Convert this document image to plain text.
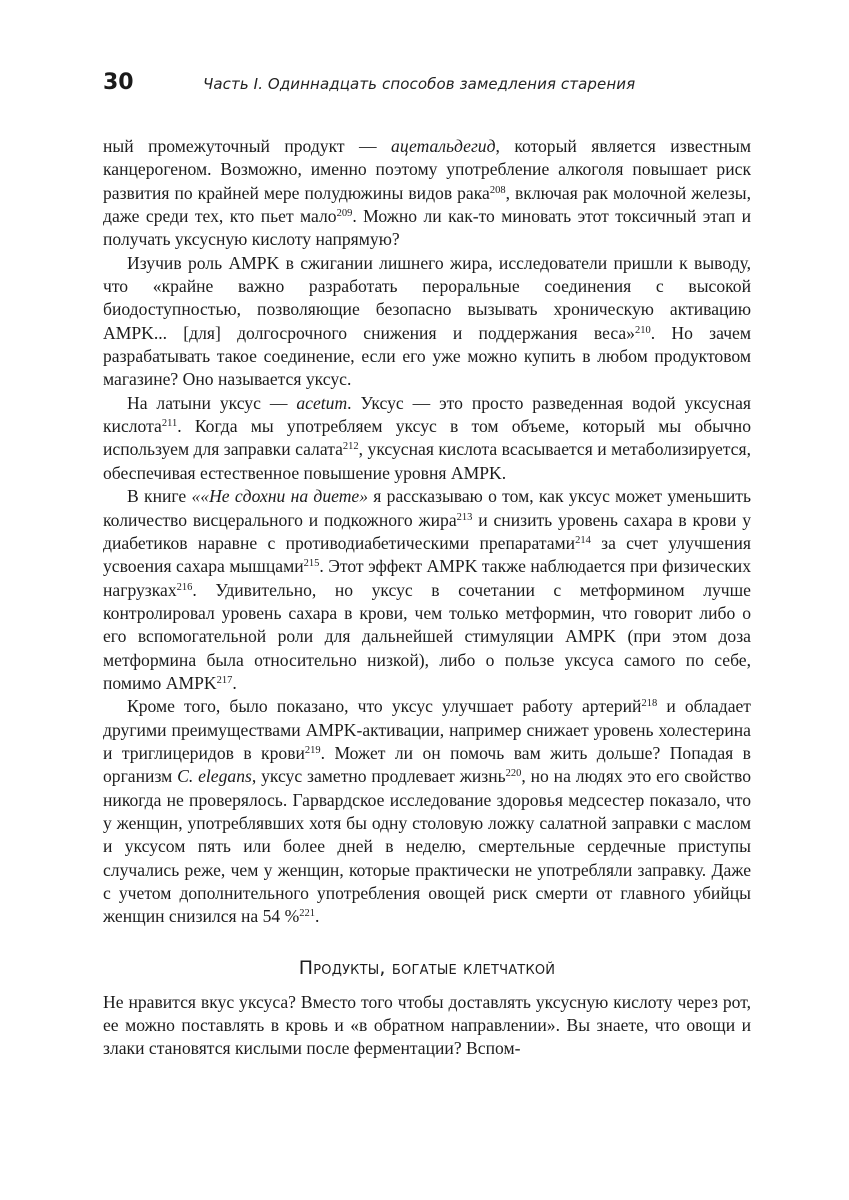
30	Часть I. Одиннадцать способов замедления старения

ный промежуточный продукт — ацетальдегид, который является известным канцерогеном. Возможно, именно поэтому употребление алкоголя повышает риск развития по крайней мере полудюжины видов рака$^{208}$, включая рак молочной железы, даже среди тех, кто пьет мало$^{209}$. Можно ли как-то миновать этот токсичный этап и получать уксусную кислоту напрямую?

Изучив роль AMPK в сжигании лишнего жира, исследователи пришли к выводу, что «крайне важно разработать пероральные соединения с высокой биодоступностью, позволяющие безопасно вызывать хроническую активацию AMPK... [для] долгосрочного снижения и поддержания веса»$^{210}$. Но зачем разрабатывать такое соединение, если его уже можно купить в любом продуктовом магазине? Оно называется уксус.

На латыни уксус — acetum. Уксус — это просто разведенная водой уксусная кислота$^{211}$. Когда мы употребляем уксус в том объеме, который мы обычно используем для заправки салата$^{212}$, уксусная кислота всасывается и метаболизируется, обеспечивая естественное повышение уровня AMPK.

В книге ««Не сдохни на диете» я рассказываю о том, как уксус может уменьшить количество висцерального и подкожного жира$^{213}$ и снизить уровень сахара в крови у диабетиков наравне с противодиабетическими препаратами$^{214}$ за счет улучшения усвоения сахара мышцами$^{215}$. Этот эффект AMPK также наблюдается при физических нагрузках$^{216}$. Удивительно, но уксус в сочетании с метформином лучше контролировал уровень сахара в крови, чем только метформин, что говорит либо о его вспомогательной роли для дальнейшей стимуляции AMPK (при этом доза метформина была относительно низкой), либо о пользе уксуса самого по себе, помимо AMPK$^{217}$.

Кроме того, было показано, что уксус улучшает работу артерий$^{218}$ и обладает другими преимуществами AMPK-активации, например снижает уровень холестерина и триглицеридов в крови$^{219}$. Может ли он помочь вам жить дольше? Попадая в организм C. elegans, уксус заметно продлевает жизнь$^{220}$, но на людях это его свойство никогда не проверялось. Гарвардское исследование здоровья медсестер показало, что у женщин, употреблявших хотя бы одну столовую ложку салатной заправки с маслом и уксусом пять или более дней в неделю, смертельные сердечные приступы случались реже, чем у женщин, которые практически не употребляли заправку. Даже с учетом дополнительного употребления овощей риск смерти от главного убийцы женщин снизился на 54 %$^{221}$.

Продукты, богатые клетчаткой

Не нравится вкус уксуса? Вместо того чтобы доставлять уксусную кислоту через рот, ее можно поставлять в кровь и «в обратном направлении». Вы знаете, что овощи и злаки становятся кислыми после ферментации? Вспом-
